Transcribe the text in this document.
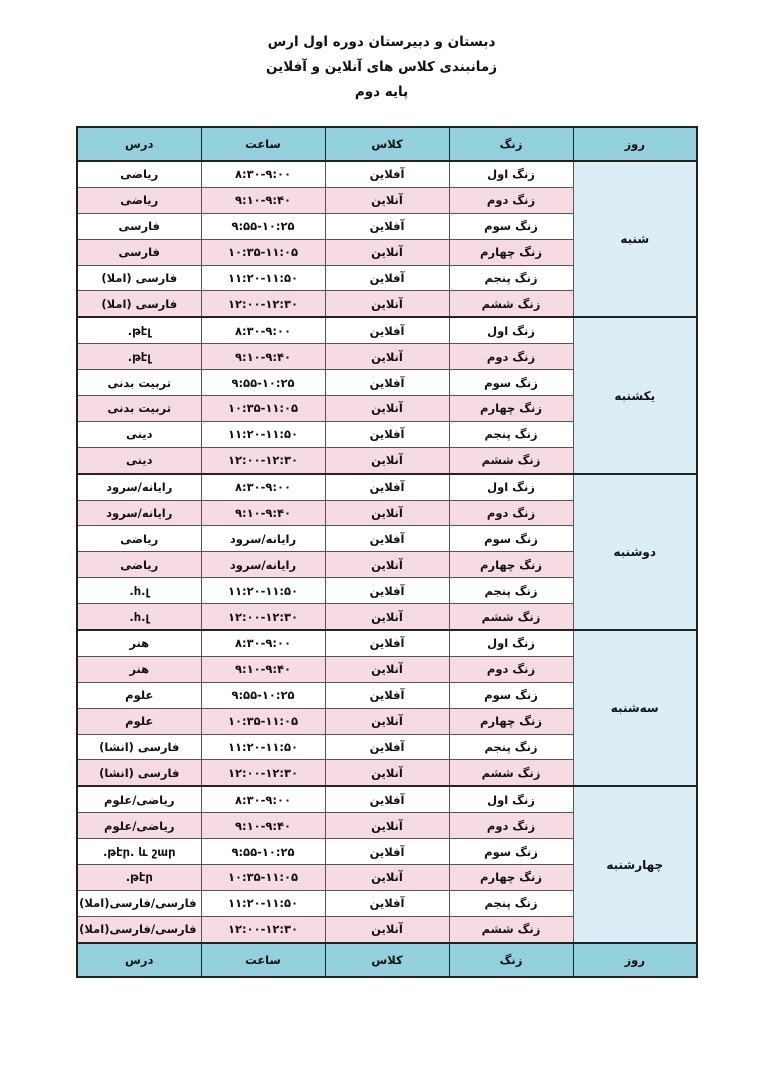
دبستان و دبیرستان دوره اول ارس
زمانبندی کلاس های آنلاین و آفلاین
پایه دوم
روز	زنگ	کلاس	ساعت	درس
شنبه	زنگ اول	آفلاین	۸:۳۰-۹:۰۰	ریاضی
	زنگ دوم	آنلاین	۹:۱۰-۹:۴۰	ریاضی
	زنگ سوم	آفلاین	۹:۵۵-۱۰:۲۵	فارسی
	زنگ چهارم	آنلاین	۱۰:۳۵-۱۱:۰۵	فارسی
	زنگ پنجم	آفلاین	۱۱:۲۰-۱۱:۵۰	فارسی (املا)
	زنگ ششم	آنلاین	۱۲:۰۰-۱۲:۳۰	فارسی (املا)
یکشنبه	زنگ اول	آفلاین	۸:۳۰-۹:۰۰	թէլ.
	زنگ دوم	آنلاین	۹:۱۰-۹:۴۰	թէլ.
	زنگ سوم	آفلاین	۹:۵۵-۱۰:۲۵	تربیت بدنی
	زنگ چهارم	آنلاین	۱۰:۳۵-۱۱:۰۵	تربیت بدنی
	زنگ پنجم	آفلاین	۱۱:۲۰-۱۱:۵۰	دینی
	زنگ ششم	آنلاین	۱۲:۰۰-۱۲:۳۰	دینی
دوشنبه	زنگ اول	آفلاین	۸:۳۰-۹:۰۰	رایانه/سرود
	زنگ دوم	آنلاین	۹:۱۰-۹:۴۰	رایانه/سرود
	زنگ سوم	آفلاین	رایانه/سرود	ریاضی
	زنگ چهارم	آنلاین	رایانه/سرود	ریاضی
	زنگ پنجم	آفلاین	۱۱:۲۰-۱۱:۵۰	հ.լ.
	زنگ ششم	آنلاین	۱۲:۰۰-۱۲:۳۰	հ.լ.
سه‌شنبه	زنگ اول	آفلاین	۸:۳۰-۹:۰۰	هنر
	زنگ دوم	آنلاین	۹:۱۰-۹:۴۰	هنر
	زنگ سوم	آفلاین	۹:۵۵-۱۰:۲۵	علوم
	زنگ چهارم	آنلاین	۱۰:۳۵-۱۱:۰۵	علوم
	زنگ پنجم	آفلاین	۱۱:۲۰-۱۱:۵۰	فارسی (انشا)
	زنگ ششم	آنلاین	۱۲:۰۰-۱۲:۳۰	فارسی (انشا)
چهارشنبه	زنگ اول	آفلاین	۸:۳۰-۹:۰۰	ریاضی/علوم
	زنگ دوم	آنلاین	۹:۱۰-۹:۴۰	ریاضی/علوم
	زنگ سوم	آفلاین	۹:۵۵-۱۰:۲۵	թէր. և շար.
	زنگ چهارم	آنلاین	۱۰:۳۵-۱۱:۰۵	թէր.
	زنگ پنجم	آفلاین	۱۱:۲۰-۱۱:۵۰	فارسی/فارسی(املا)
	زنگ ششم	آنلاین	۱۲:۰۰-۱۲:۳۰	فارسی/فارسی(املا)
روز	زنگ	کلاس	ساعت	درس
